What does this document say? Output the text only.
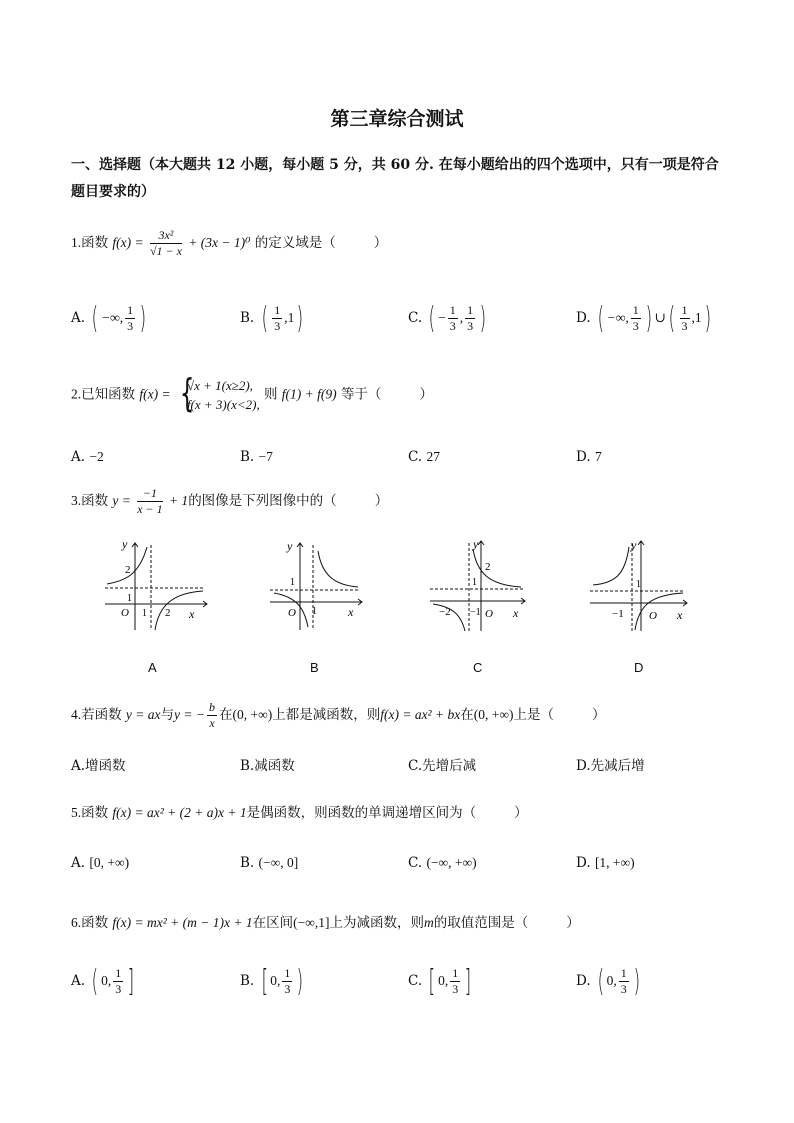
第三章综合测试
一、选择题（本大题共 12 小题，每小题 5 分，共 60 分. 在每小题给出的四个选项中，只有一项是符合题目要求的）
1.函数 $f(x) = \frac{\text{3x²}}{√1 - x} + (3x - 1)^0$ 的定义域是（	）
A. ( −∞, $\frac{1}{3}$ )	B. ( $\frac{1}{3} ,1$)	C. ( − $\frac{1}{3}$ , $\frac{1}{3}$ )	D. ( −∞, $\frac{1}{3}$ ) ∪( $\frac{1}{3} ,1$)
2.已知函数 f(x) = {
√x + 1(x≥2),
f(x + 3)(x<2),
则 f(1) + f(9) 等于（	）
A. −2	B. −7	C. 27	D. 7
3.函数 $y = \frac{-1}{x - 1} + 1$的图像是下列图像中的（	）
y
2
1
O 1 2 x
y
1
O 1	x
y
2
1
−2 −1 O x
y
1
−1 O x
A	B	C	D
4.若函数 y = ax与y = − $\frac{b}{x}$ 在(0, +∞)上都是减函数，则f(x) = ax² + bx在(0, +∞)上是（	）
A.增函数	B.减函数	C.先增后减	D.先减后增
5.函数 f(x) = ax² + (2 + a)x + 1是偶函数，则函数的单调递增区间为（	）
A. [0, +∞)	B. (−∞, 0]	C. (−∞, +∞)	D. [1, +∞)
6.函数 f(x) = mx² + (m − 1)x + 1在区间(−∞,1]上为减函数，则m的取值范围是（	）
A. ( 0, $\frac{1}{3}$ ]	B. [ 0, $\frac{1}{3}$ )	C. [ 0, $\frac{1}{3}$ ]	D. ( 0, $\frac{1}{3}$ )
